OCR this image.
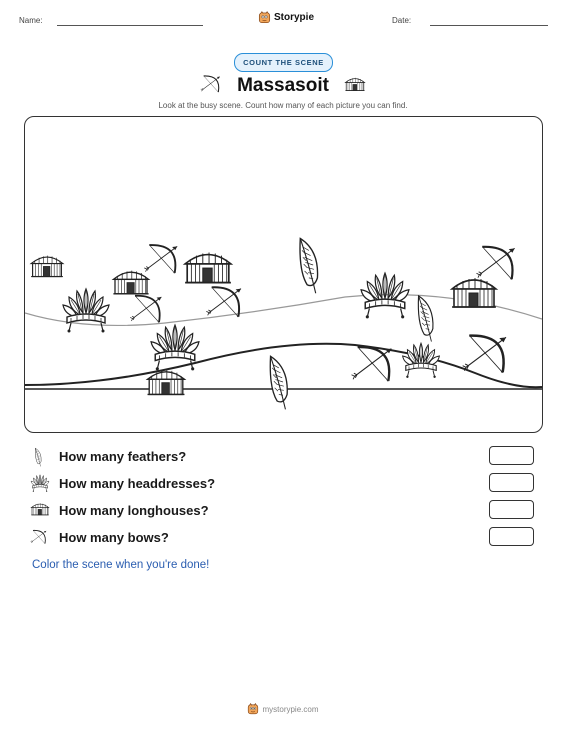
Name:	Storypie	Date:
COUNT THE SCENE
Massasoit
Look at the busy scene. Count how many of each picture you can find.
How many feathers?
How many headdresses?
How many longhouses?
How many bows?
Color the scene when you're done!
mystorypie.com
